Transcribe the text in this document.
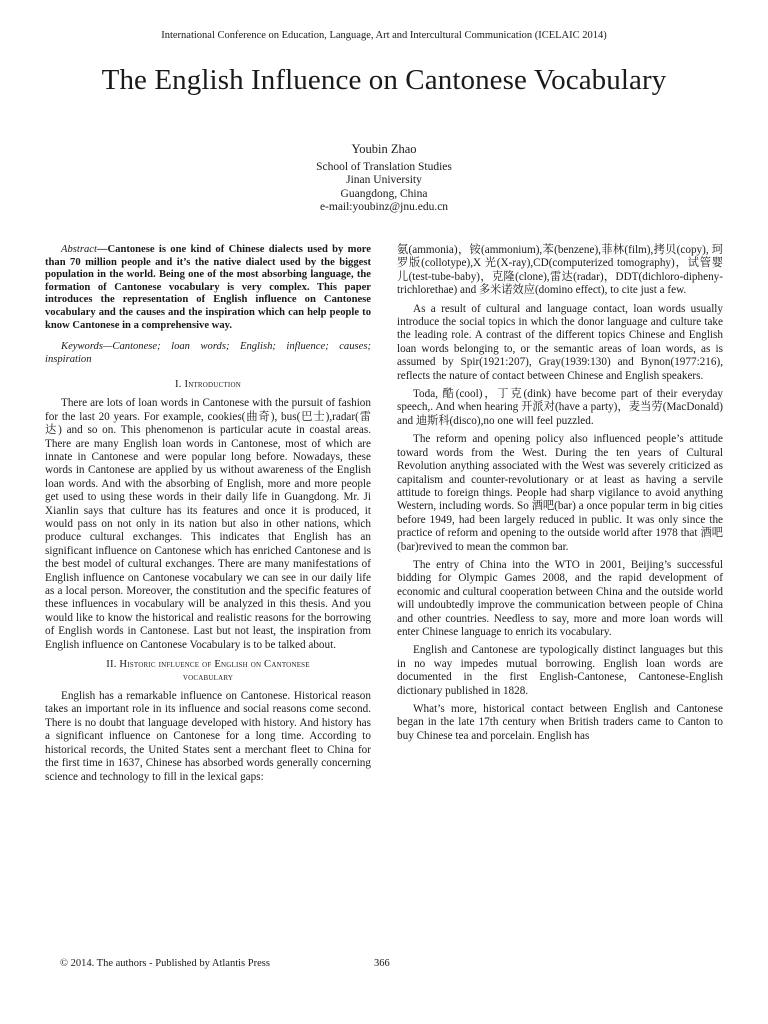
International Conference on Education, Language, Art and Intercultural Communication (ICELAIC 2014)
The English Influence on Cantonese Vocabulary
Youbin Zhao
School of Translation Studies
Jinan University
Guangdong, China
e-mail:youbinz@jnu.edu.cn

Abstract—Cantonese is one kind of Chinese dialects used by more than 70 million people and it’s the native dialect used by the biggest population in the world. Being one of the most absorbing language, the formation of Cantonese vocabulary is very complex. This paper introduces the representation of English influence on Cantonese vocabulary and the causes and the inspiration which can help people to know Cantonese in a comprehensive way.

Keywords—Cantonese; loan words; English; influence; causes; inspiration

I. Introduction

There are lots of loan words in Cantonese with the pursuit of fashion for the last 20 years. For example, cookies(曲奇), bus(巴士),radar(雷达) and so on. This phenomenon is particular acute in coastal areas. There are many English loan words in Cantonese, most of which are innate in Cantonese and were popular long before. Nowadays, these words in Cantonese are applied by us without awareness of the English loan words. And with the absorbing of English, more and more people get used to using these words in their daily life in Guangdong. Mr. Ji Xianlin says that culture has its features and once it is produced, it would pass on not only in its nation but also in other nations, which produce cultural exchanges. This indicates that English has an significant influence on Cantonese which has enriched Cantonese and is the best model of cultural exchanges. There are many manifestations of English influence on Cantonese vocabulary we can see in our daily life as a local person. Moreover, the constitution and the specific features of these influences in vocabulary will be analyzed in this thesis. And you would like to know the historical and realistic reasons for the borrowing of English words in Cantonese. Last but not least, the inspiration from English influence on Cantonese Vocabulary is to be talked about.

II. Historic influence of English on Cantonese
vocabulary

English has a remarkable influence on Cantonese. Historical reason takes an important role in its influence and social reasons come second. There is no doubt that language developed with history. And history has a significant influence on Cantonese for a long time. According to historical records, the United States sent a merchant fleet to China for the first time in 1637, Chinese has absorbed words generally concerning science and technology to fill in the lexical gaps:

氨(ammonia)，铵(ammonium),苯(benzene),菲林(film),拷贝(copy), 珂罗版(collotype),X 光(X-ray),CD(computerized tomography)，试管婴儿(test-tube-baby)，克隆(clone),雷达(radar)，DDT(dichloro-dipheny-trichlorethae) and 多米诺效应(domino effect), to cite just a few.

As a result of cultural and language contact, loan words usually introduce the social topics in which the donor language and culture take the leading role. A contrast of the different topics Chinese and English loan words belonging to, or the semantic areas of loan words, as is assumed by Spir(1921:207), Gray(1939:130) and Bynon(1977:216), reflects the nature of contact between Chinese and English speakers.

Toda, 酷(cool)，丁克(dink) have become part of their everyday speech,. And when hearing 开派对(have a party)，麦当劳(MacDonald) and 迪斯科(disco),no one will feel puzzled.

The reform and opening policy also influenced people’s attitude toward words from the West. During the ten years of Cultural Revolution anything associated with the West was severely criticized as capitalism and counter-revolutionary or at least as having a servile attitude to foreign things. People had sharp vigilance to avoid anything Western, including words. So 酒吧(bar) a once popular term in big cities before 1949, had been largely reduced in public. It was only since the practice of reform and opening to the outside world after 1978 that 酒吧 (bar)revived to mean the common bar.

The entry of China into the WTO in 2001, Beijing’s successful bidding for Olympic Games 2008, and the rapid development of economic and cultural cooperation between China and the outside world will undoubtedly improve the communication between people of China and other countries. Needless to say, more and more loan words will enter Chinese language to enrich its vocabulary.

English and Cantonese are typologically distinct languages but this in no way impedes mutual borrowing. English loan words are documented in the first English-Cantonese, Cantonese-English dictionary published in 1828.

What’s more, historical contact between English and Cantonese began in the late 17th century when British traders came to Canton to buy Chinese tea and porcelain. English has

© 2014. The authors - Published by Atlantis Press	366
